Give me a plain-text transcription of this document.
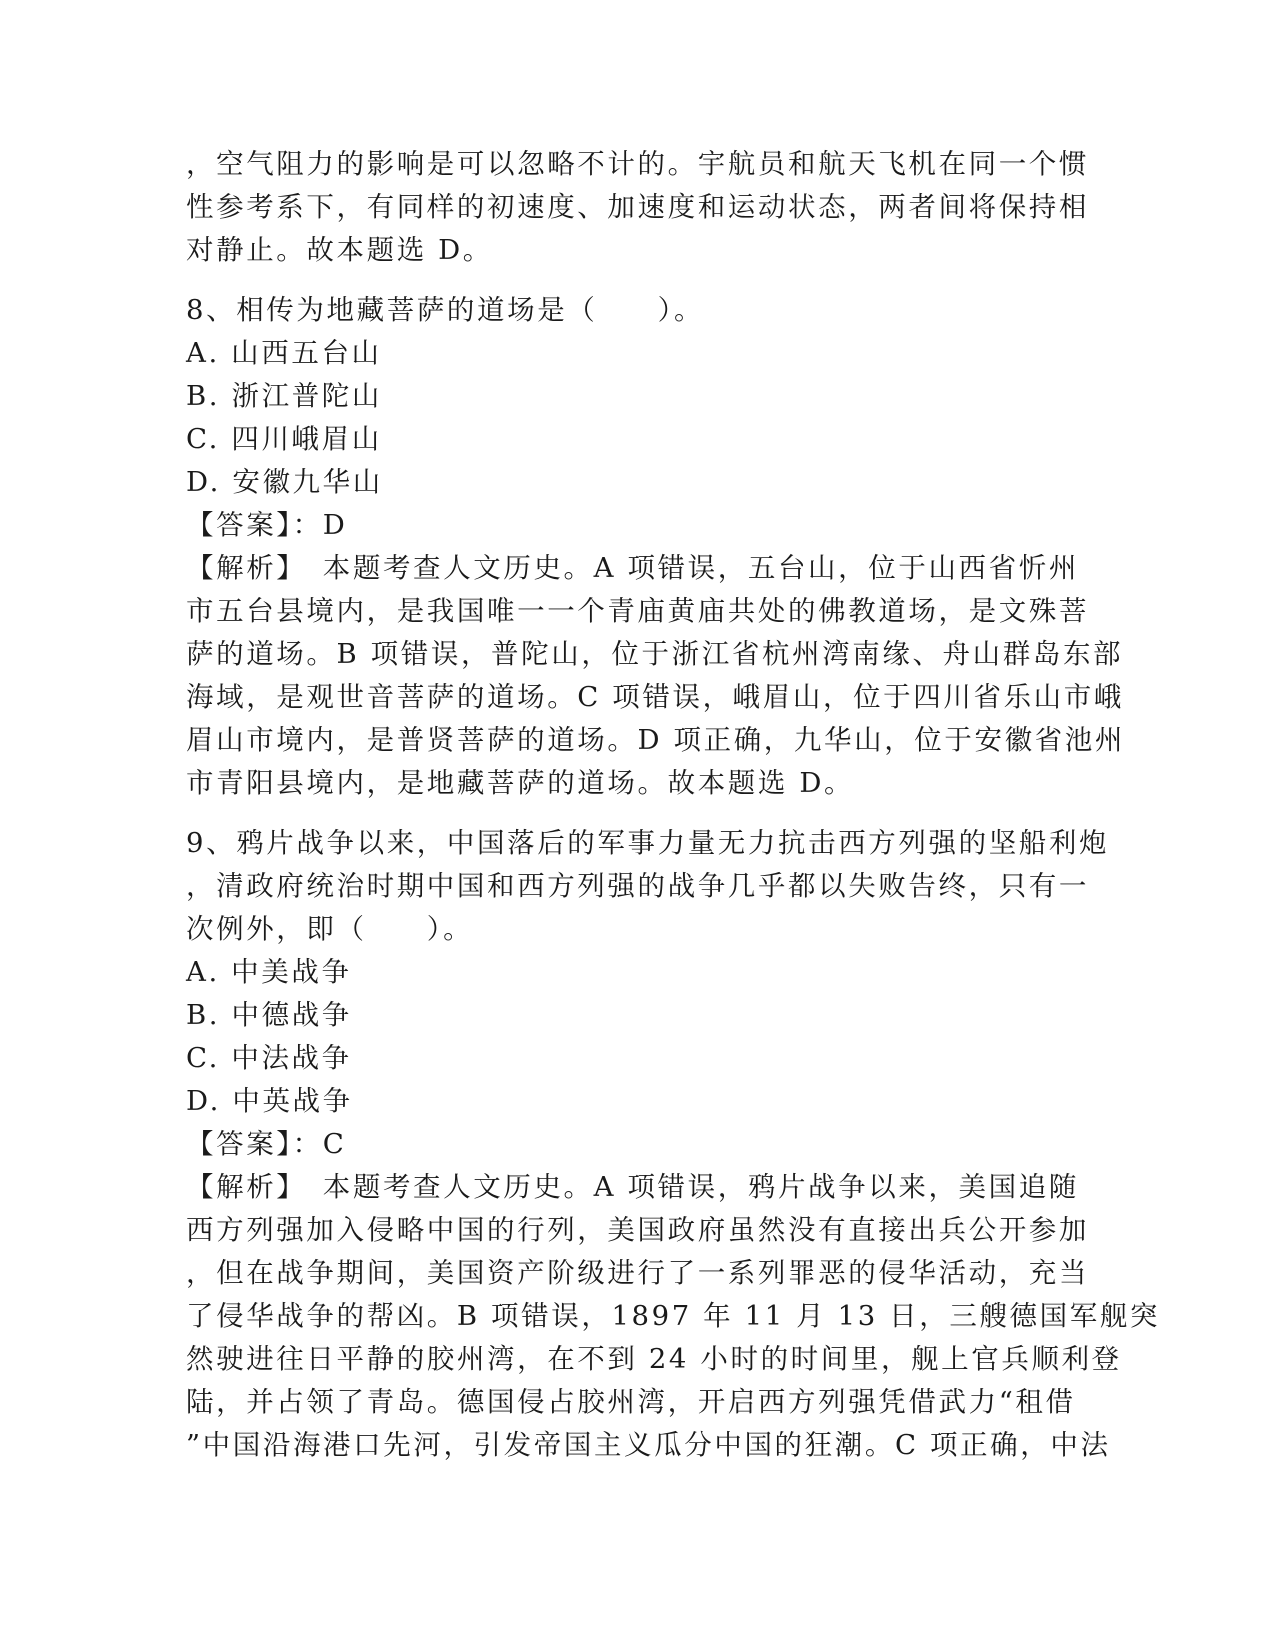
，空气阻力的影响是可以忽略不计的。宇航员和航天飞机在同一个惯
性参考系下，有同样的初速度、加速度和运动状态，两者间将保持相
对静止。故本题选 D。
8、相传为地藏菩萨的道场是（　　）。
A. 山西五台山
B. 浙江普陀山
C. 四川峨眉山
D. 安徽九华山
【答案】：D
【解析】　本题考查人文历史。A 项错误，五台山，位于山西省忻州
市五台县境内，是我国唯一一个青庙黄庙共处的佛教道场，是文殊菩
萨的道场。B 项错误，普陀山，位于浙江省杭州湾南缘、舟山群岛东部
海域，是观世音菩萨的道场。C 项错误，峨眉山，位于四川省乐山市峨
眉山市境内，是普贤菩萨的道场。D 项正确，九华山，位于安徽省池州
市青阳县境内，是地藏菩萨的道场。故本题选 D。
9、鸦片战争以来，中国落后的军事力量无力抗击西方列强的坚船利炮
，清政府统治时期中国和西方列强的战争几乎都以失败告终，只有一
次例外，即（　　）。
A. 中美战争
B. 中德战争
C. 中法战争
D. 中英战争
【答案】：C
【解析】　本题考查人文历史。A 项错误，鸦片战争以来，美国追随
西方列强加入侵略中国的行列，美国政府虽然没有直接出兵公开参加
，但在战争期间，美国资产阶级进行了一系列罪恶的侵华活动，充当
了侵华战争的帮凶。B 项错误，1897 年 11 月 13 日，三艘德国军舰突
然驶进往日平静的胶州湾，在不到 24 小时的时间里，舰上官兵顺利登
陆，并占领了青岛。德国侵占胶州湾，开启西方列强凭借武力“租借
”中国沿海港口先河，引发帝国主义瓜分中国的狂潮。C 项正确，中法
